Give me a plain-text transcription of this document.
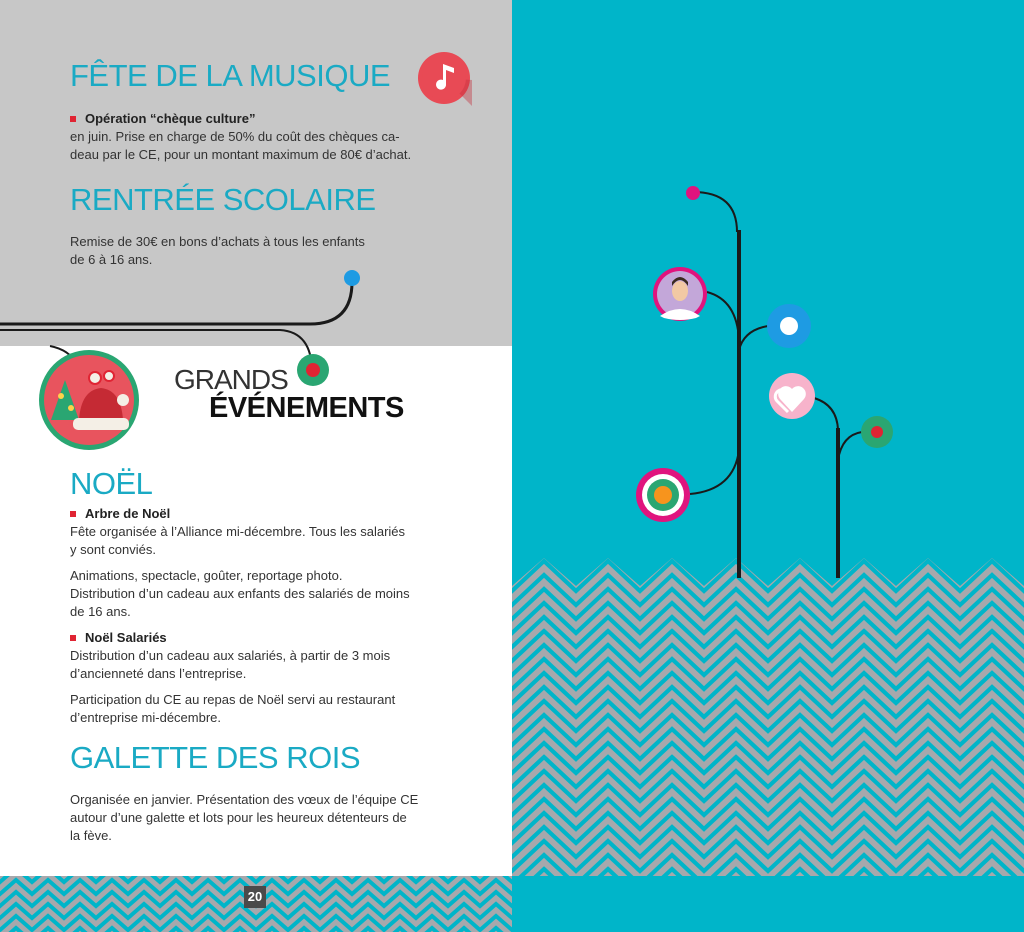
FÊTE DE LA MUSIQUE
Opération “chèque culture”
en juin. Prise en charge de 50% du coût des chèques ca-
deau par le CE, pour un montant maximum de 80€ d’achat.
RENTRÉE SCOLAIRE
Remise de 30€ en bons d’achats à tous les enfants
de 6 à 16 ans.
GRANDS
ÉVÉNEMENTS
NOËL
Arbre de Noël
Fête organisée à l’Alliance mi-décembre. Tous les salariés
y sont conviés.
Animations, spectacle, goûter, reportage photo.
Distribution d’un cadeau aux enfants des salariés de moins
de 16 ans.
Noël Salariés
Distribution d’un cadeau aux salariés, à partir de 3 mois
d’ancienneté dans l’entreprise.
Participation du CE au repas de Noël servi au restaurant
d’entreprise mi-décembre.
GALETTE DES ROIS
Organisée en janvier. Présentation des vœux de l’équipe CE
autour d’une galette et lots pour les heureux détenteurs de
la fève.
20
